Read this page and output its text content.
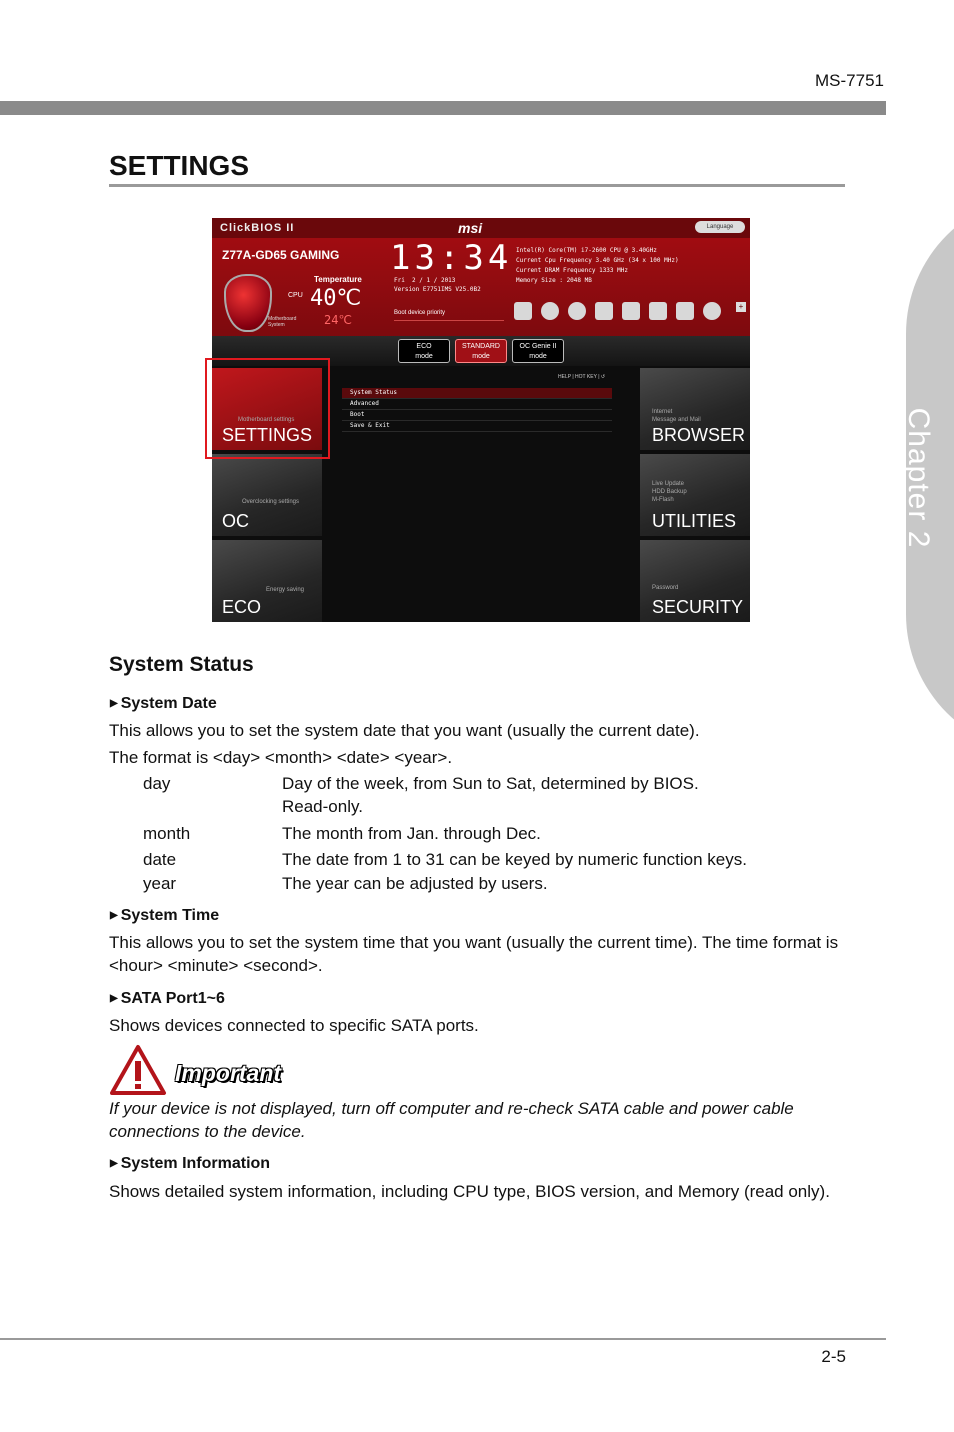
MS-7751
Chapter 2
SETTINGS
ClickBIOS II	msi	Language
Z77A-GD65 GAMING
Temperature
CPU 40℃
Motherboard
System	24℃
13:34
Fri  2 / 1 / 2013
Version E7751IMS V25.0B2
Intel(R) Core(TM) i7-2600 CPU @ 3.40GHz
Current Cpu Frequency 3.40 GHz (34 x 100 MHz)
Current DRAM Frequency 1333 MHz
Memory Size : 2048 MB
Boot device priority
+
ECO
mode
STANDARD
mode
OC Genie II
mode
HELP | HOT KEY | ↺
System Status
Advanced
Boot
Save & Exit
Motherboard settings
SETTINGS
Overclocking settings
OC
Energy saving
ECO
Internet
Message and Mail
BROWSER
Live Update
HDD Backup
M-Flash
UTILITIES
Password
SECURITY
System Status
▶ System Date
This allows you to set the system date that you want (usually the current date).
The format is <day> <month> <date> <year>.
day	Day of the week, from Sun to Sat, determined by BIOS.
Read-only.
month	The month from Jan. through Dec.
date	The date from 1 to 31 can be keyed by numeric function keys.
year	The year can be adjusted by users.
▶ System Time
This allows you to set the system time that you want (usually the current time). The time format is <hour> <minute> <second>.
▶ SATA Port1~6
Shows devices connected to specific SATA ports.
Important
If your device is not displayed, turn off computer and re-check SATA cable and power cable connections to the device.
▶ System Information
Shows detailed system information, including CPU type, BIOS version, and Memory (read only).
2-5
